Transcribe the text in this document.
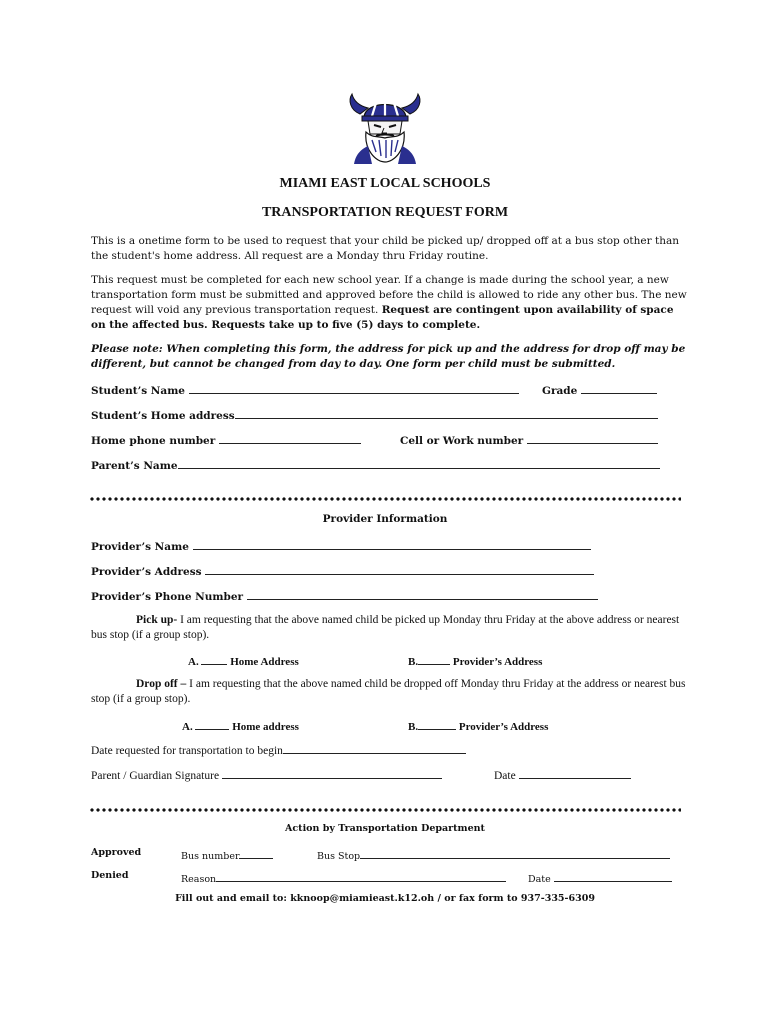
MIAMI EAST LOCAL SCHOOLS
TRANSPORTATION REQUEST FORM
This is a onetime form to be used to request that your child be picked up/ dropped off at a bus stop other than the student's home address. All request are a Monday thru Friday routine.
This request must be completed for each new school year. If a change is made during the school year, a new transportation form must be submitted and approved before the child is allowed to ride any other bus. The new request will void any previous transportation request. Request are contingent upon availability of space on the affected bus. Requests take up to five (5) days to complete.
Please note: When completing this form, the address for pick up and the address for drop off may be different, but cannot be changed from day to day. One form per child must be submitted.
Student’s Name	Grade
Student’s Home address
Home phone number	Cell or Work number
Parent’s Name
Provider Information
Provider’s Name
Provider’s Address
Provider’s Phone Number
Pick up- I am requesting that the above named child be picked up Monday thru Friday at the above address or nearest bus stop (if a group stop).
A.	Home Address	B.	Provider’s Address
Drop off – I am requesting that the above named child be dropped off Monday thru Friday at the address or nearest bus stop (if a group stop).
A.	Home address	B.	Provider’s Address
Date requested for transportation to begin
Parent / Guardian Signature	Date
Action by Transportation Department
Approved	Bus number	Bus Stop
Denied	Reason	Date
Fill out and email to: kknoop@miamieast.k12.oh / or fax form to 937-335-6309
